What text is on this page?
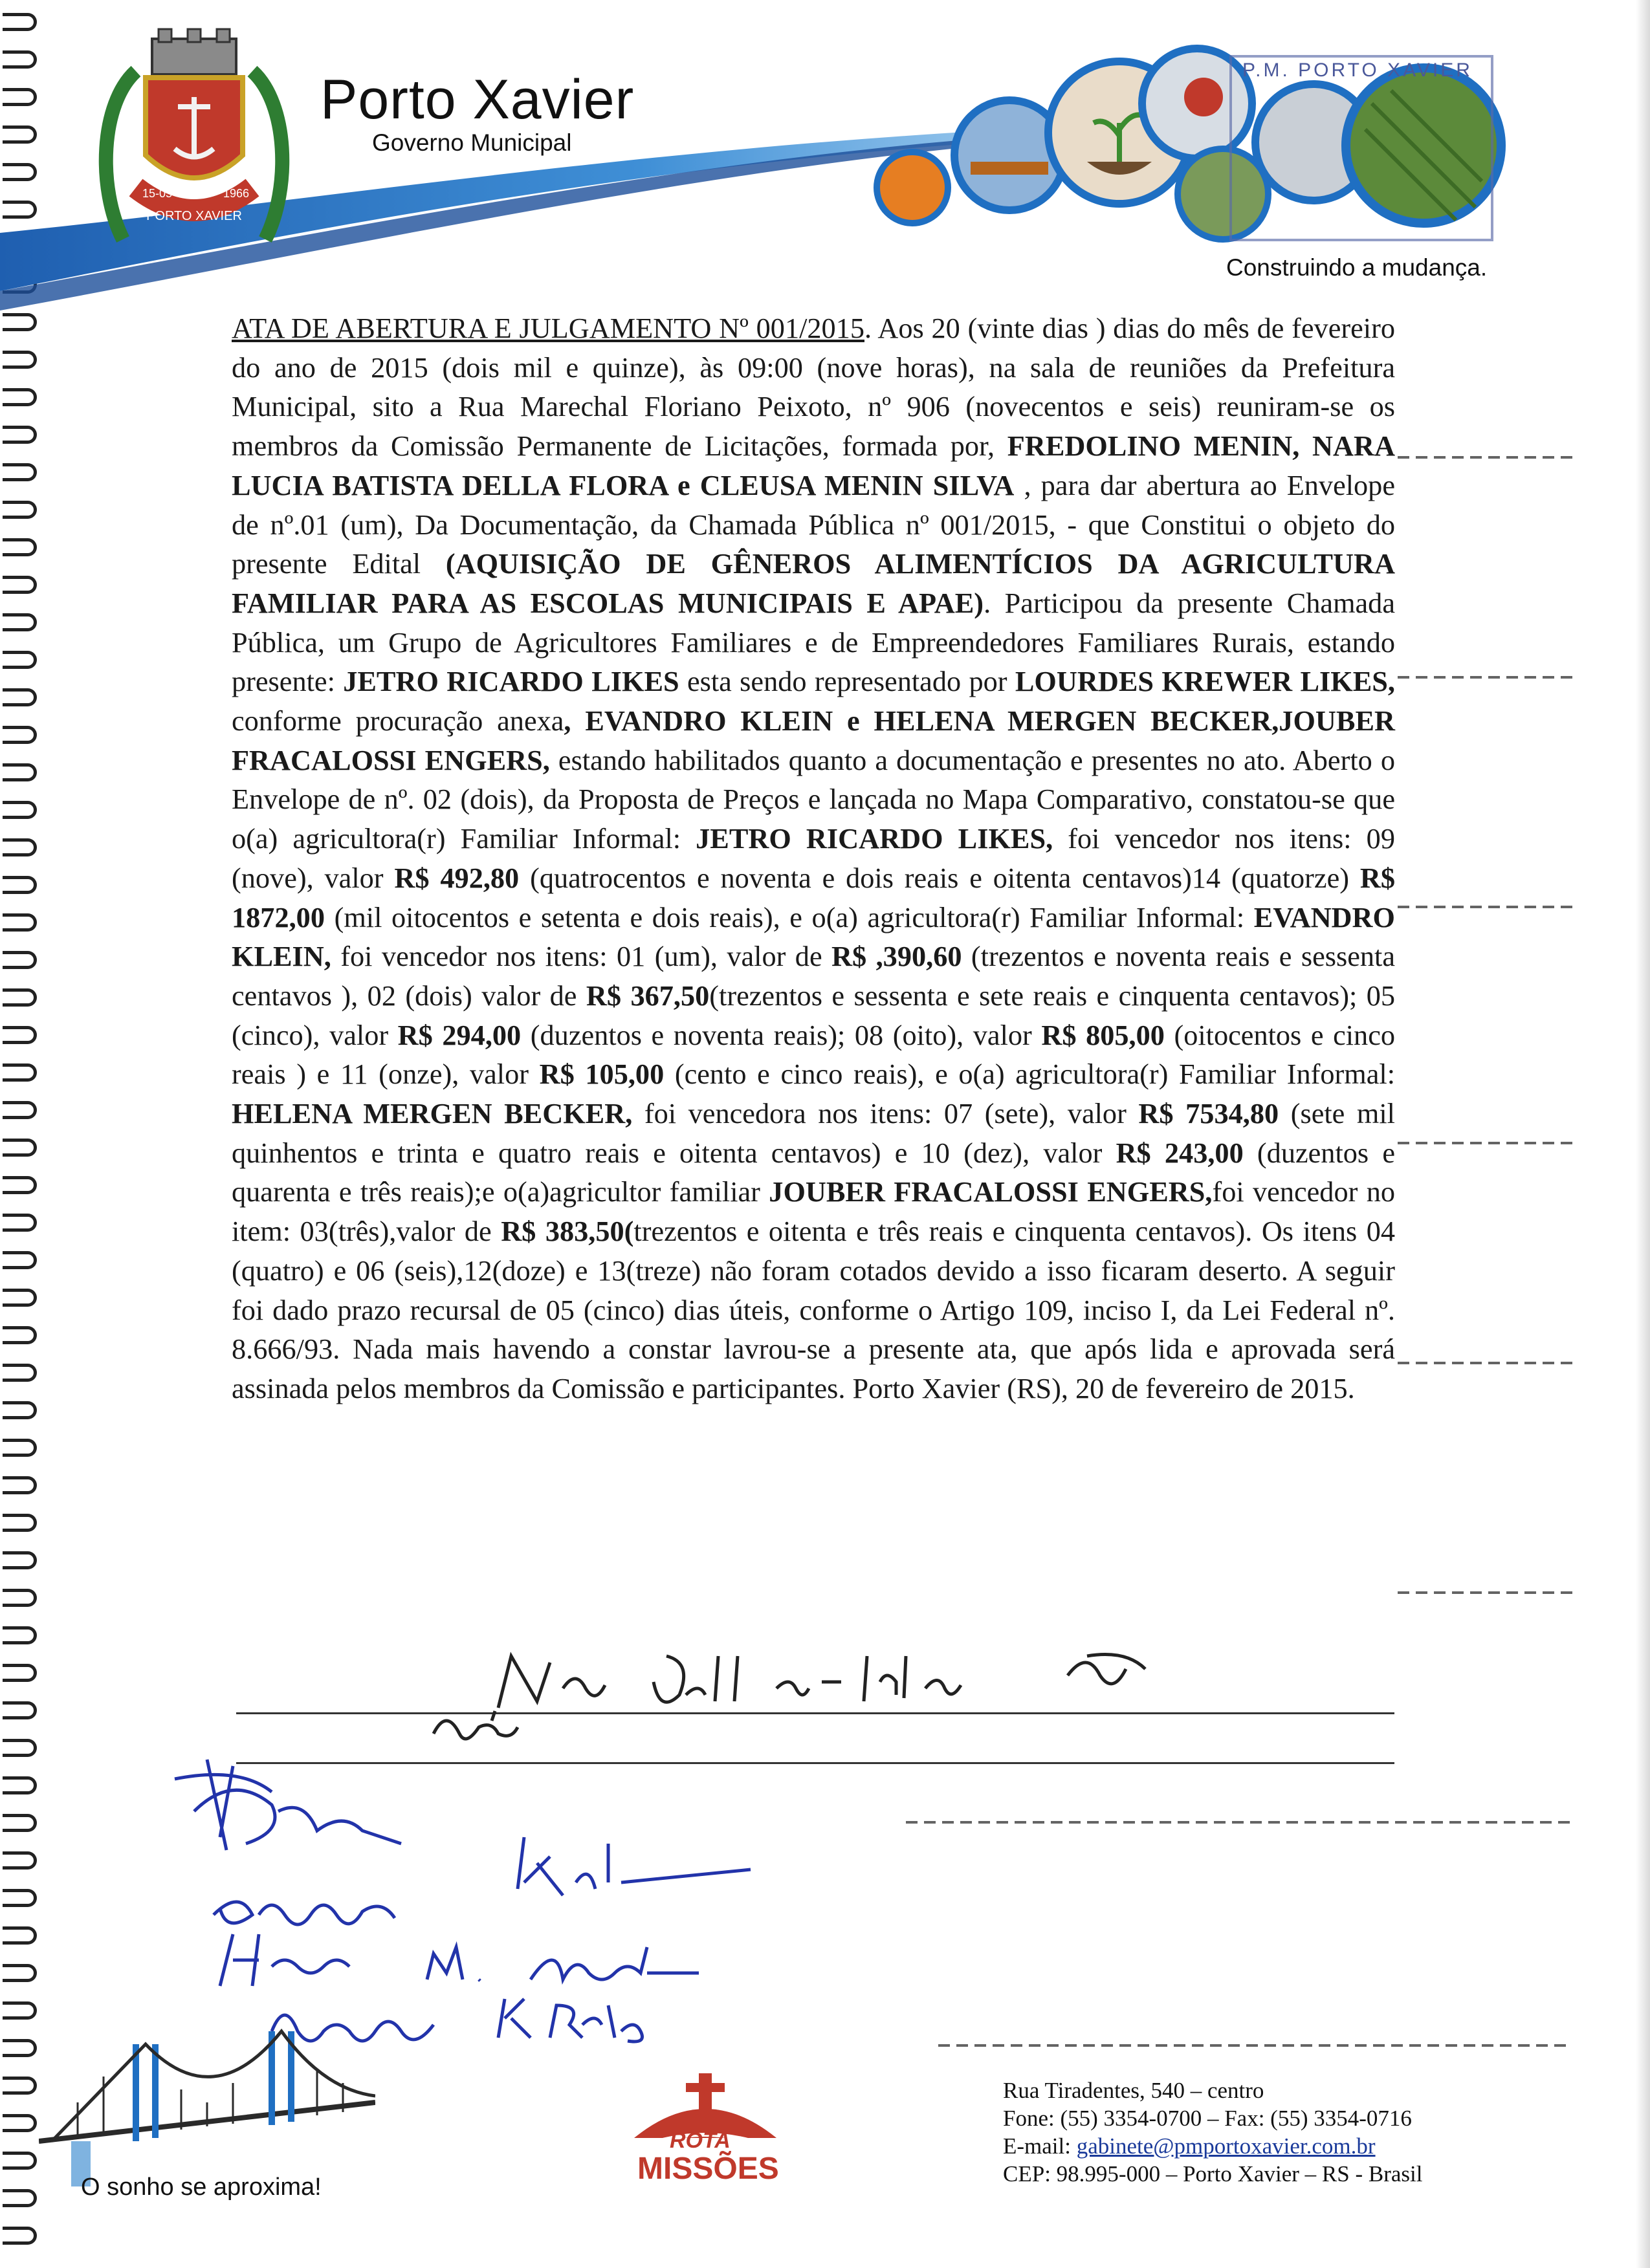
PORTO XAVIER
15-05	1966
Porto Xavier
Governo Municipal
P.M. PORTO XAVIER
Construindo a mudança.
ATA DE ABERTURA E JULGAMENTO Nº 001/2015. Aos 20 (vinte dias ) dias do mês de fevereiro do ano de 2015 (dois mil e quinze), às 09:00 (nove horas), na sala de reuniões da Prefeitura Municipal, sito a Rua Marechal Floriano Peixoto, nº 906 (novecentos e seis) reuniram-se os membros da Comissão Permanente de Licitações, formada por, FREDOLINO MENIN, NARA LUCIA BATISTA DELLA FLORA e CLEUSA MENIN SILVA , para dar abertura ao Envelope de nº.01 (um), Da Documentação, da Chamada Pública nº 001/2015, - que Constitui o objeto do presente Edital (AQUISIÇÃO DE GÊNEROS ALIMENTÍCIOS DA AGRICULTURA FAMILIAR PARA AS ESCOLAS MUNICIPAIS E APAE). Participou da presente Chamada Pública, um Grupo de Agricultores Familiares e de Empreendedores Familiares Rurais, estando presente: JETRO RICARDO LIKES esta sendo representado por LOURDES KREWER LIKES, conforme procuração anexa, EVANDRO KLEIN e HELENA MERGEN BECKER,JOUBER FRACALOSSI ENGERS, estando habilitados quanto a documentação e presentes no ato. Aberto o Envelope de nº. 02 (dois), da Proposta de Preços e lançada no Mapa Comparativo, constatou-se que o(a) agricultora(r) Familiar Informal: JETRO RICARDO LIKES, foi vencedor nos itens: 09 (nove), valor R$ 492,80 (quatrocentos e noventa e dois reais e oitenta centavos)14 (quatorze) R$ 1872,00 (mil oitocentos e setenta e dois reais), e o(a) agricultora(r) Familiar Informal: EVANDRO KLEIN, foi vencedor nos itens: 01 (um), valor de R$ ,390,60 (trezentos e noventa reais e sessenta centavos ), 02 (dois) valor de R$ 367,50(trezentos e sessenta e sete reais e cinquenta centavos); 05 (cinco), valor R$ 294,00 (duzentos e noventa reais); 08 (oito), valor R$ 805,00 (oitocentos e cinco reais ) e 11 (onze), valor R$ 105,00 (cento e cinco reais), e o(a) agricultora(r) Familiar Informal: HELENA MERGEN BECKER, foi vencedora nos itens: 07 (sete), valor R$ 7534,80 (sete mil quinhentos e trinta e quatro reais e oitenta centavos) e 10 (dez), valor R$ 243,00 (duzentos e quarenta e três reais);e o(a)agricultor familiar JOUBER FRACALOSSI ENGERS,foi vencedor no item: 03(três),valor de R$ 383,50(trezentos e oitenta e três reais e cinquenta centavos). Os itens 04 (quatro) e 06 (seis),12(doze) e 13(treze) não foram cotados devido a isso ficaram deserto. A seguir foi dado prazo recursal de 05 (cinco) dias úteis, conforme o Artigo 109, inciso I, da Lei Federal nº. 8.666/93. Nada mais havendo a constar lavrou-se a presente ata, que após lida e aprovada será assinada pelos membros da Comissão e participantes. Porto Xavier (RS), 20 de fevereiro de 2015.
O sonho se aproxima!
ROTA
MISSÕES
Rua Tiradentes, 540 – centro
Fone: (55) 3354-0700 – Fax: (55) 3354-0716
E-mail: gabinete@pmportoxavier.com.br
CEP: 98.995-000 – Porto Xavier – RS - Brasil
